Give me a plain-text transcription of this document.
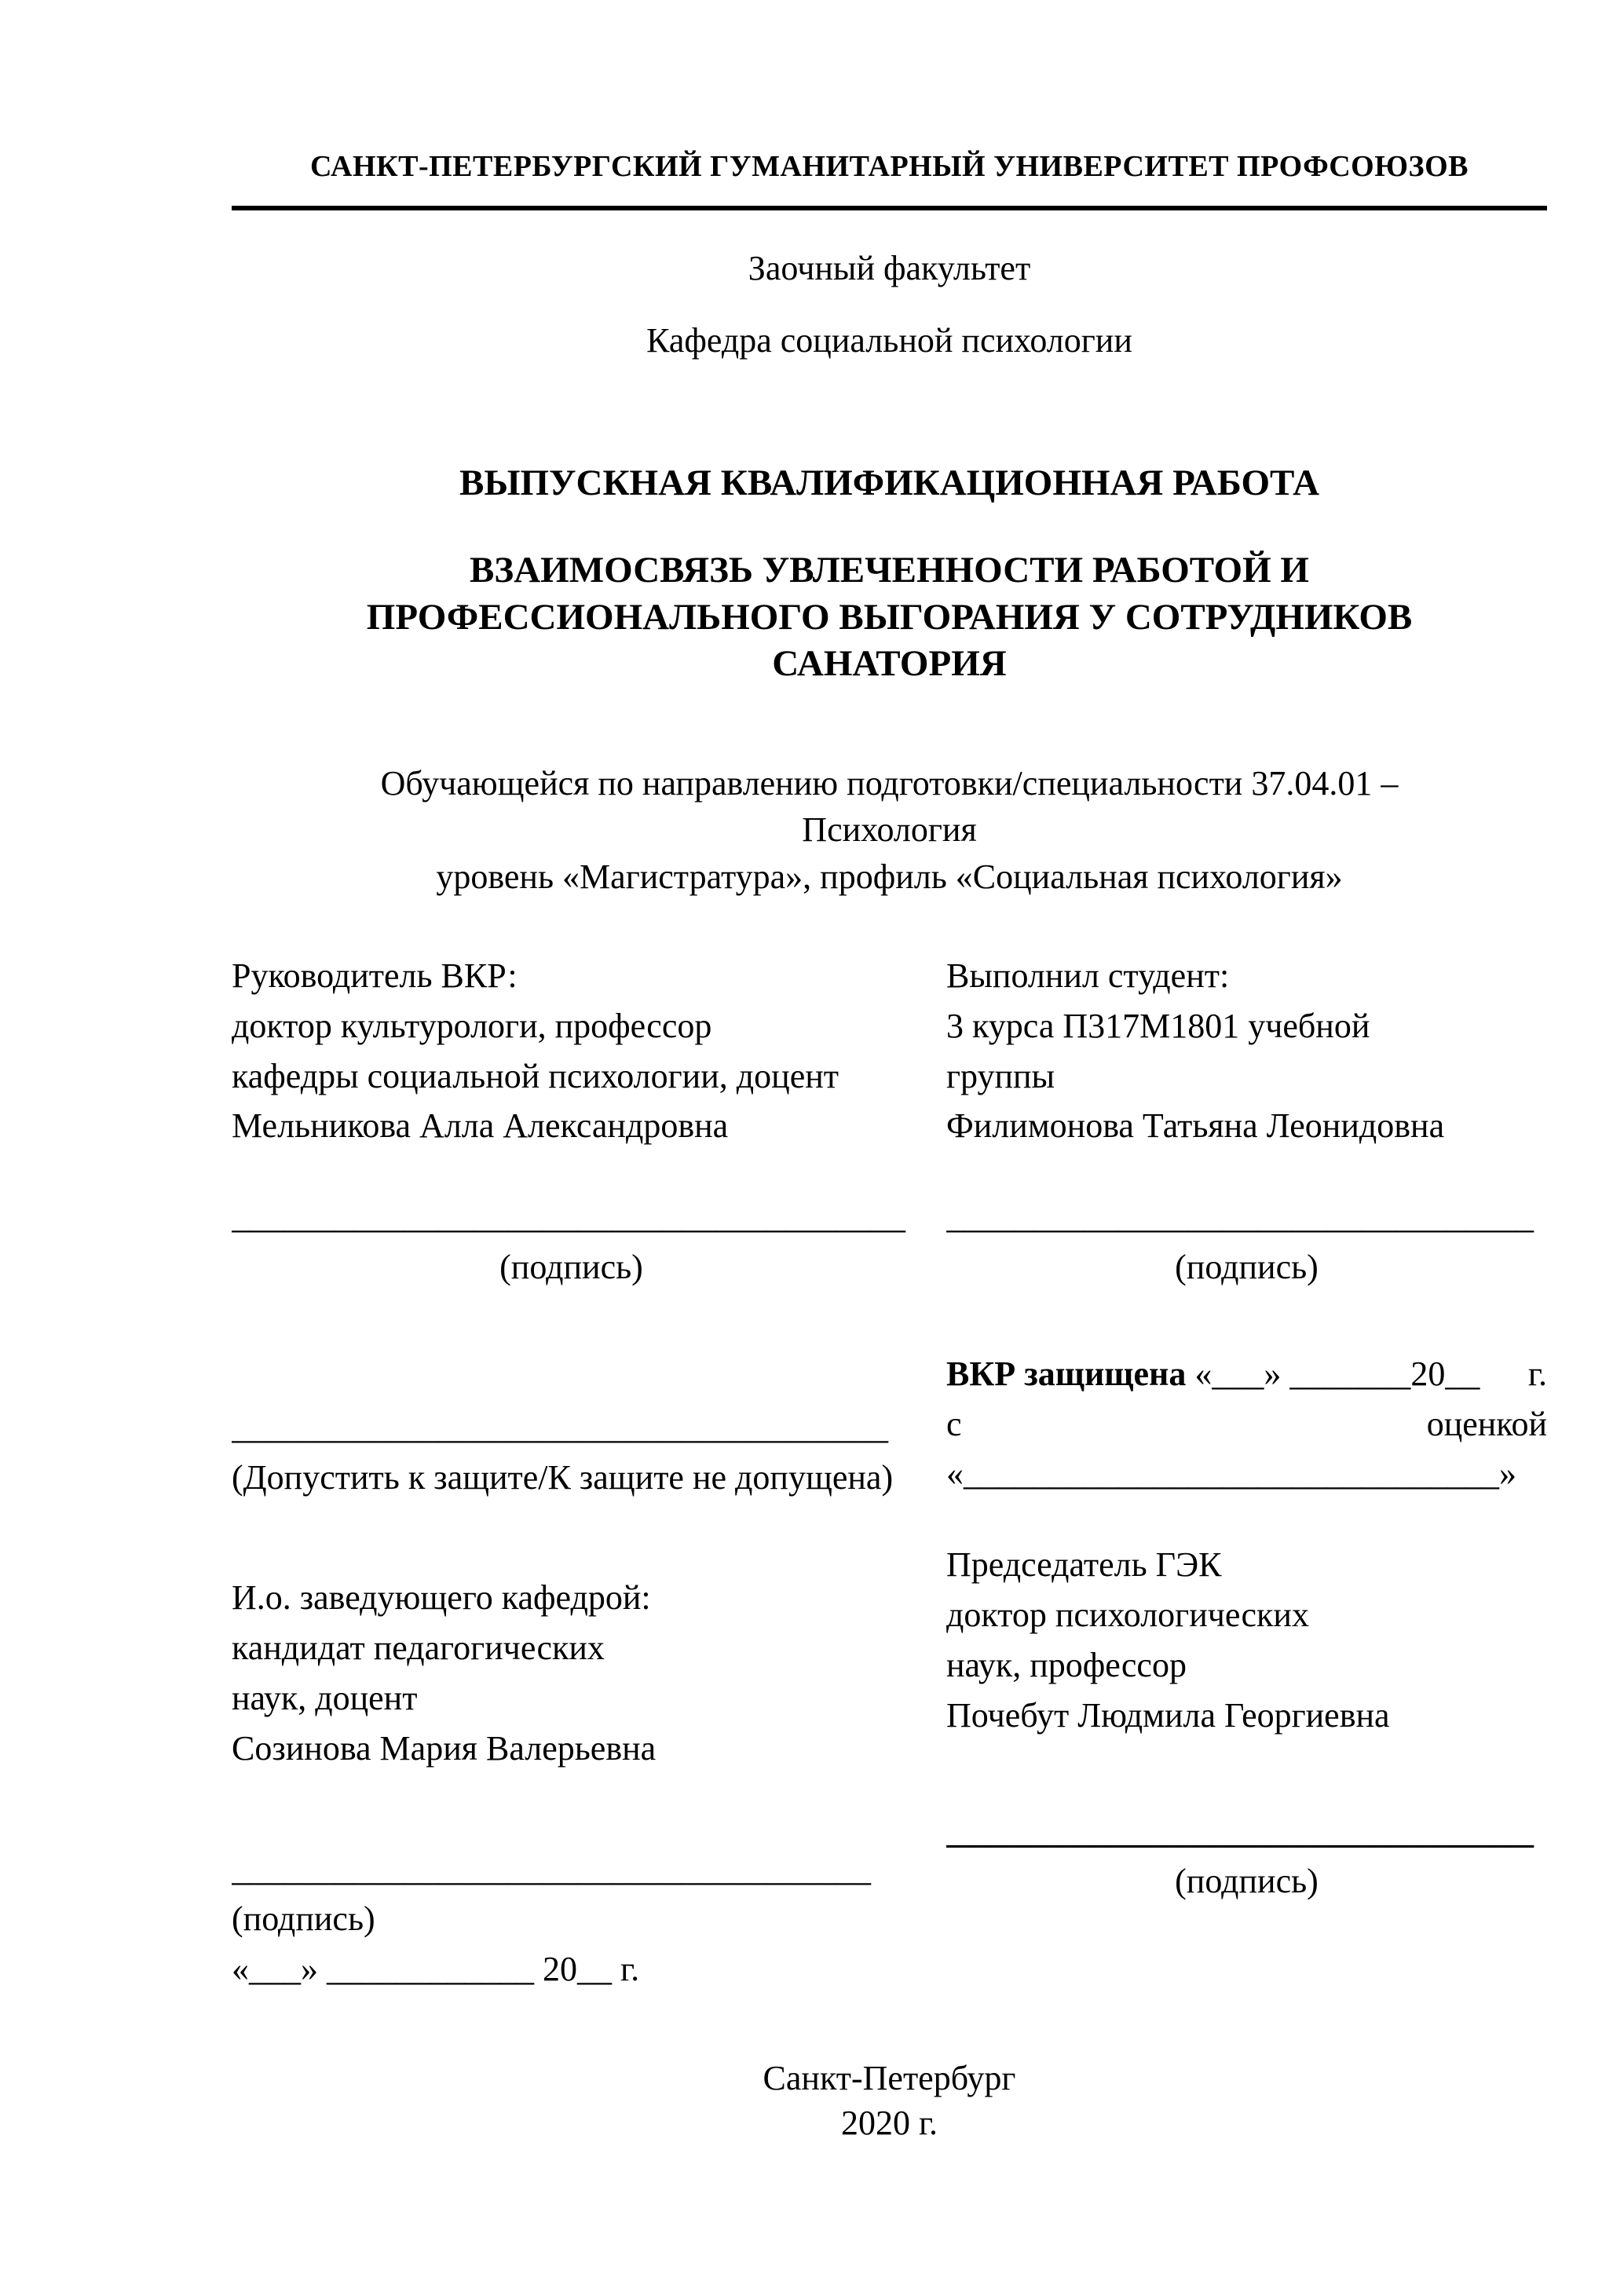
САНКТ-ПЕТЕРБУРГСКИЙ ГУМАНИТАРНЫЙ УНИВЕРСИТЕТ ПРОФСОЮЗОВ
Заочный факультет
Кафедра социальной психологии
ВЫПУСКНАЯ КВАЛИФИКАЦИОННАЯ РАБОТА
ВЗАИМОСВЯЗЬ УВЛЕЧЕННОСТИ РАБОТОЙ И
ПРОФЕССИОНАЛЬНОГО ВЫГОРАНИЯ У СОТРУДНИКОВ
САНАТОРИЯ
Обучающейся по направлению подготовки/специальности 37.04.01 –
Психология
уровень «Магистратура», профиль «Социальная психология»
Руководитель ВКР:
доктор культурологи, профессор
кафедры социальной психологии, доцент
Мельникова Алла Александровна
Выполнил студент:
3 курса П317М1801 учебной
группы
Филимонова Татьяна Леонидовна
_______________________________________
(подпись)
__________________________________
(подпись)
______________________________________
(Допустить к защите/К защите не допущена)
ВКР защищена «___» _______20__ г.
с	оценкой
«_______________________________»
И.о. заведующего кафедрой:
кандидат педагогических
наук, доцент
Созинова Мария Валерьевна
Председатель ГЭК
доктор психологических
наук, профессор
Почебут Людмила Георгиевна
_____________________________________
(подпись)
«___» ____________ 20__ г.
__________________________________
(подпись)
Санкт-Петербург
2020 г.
